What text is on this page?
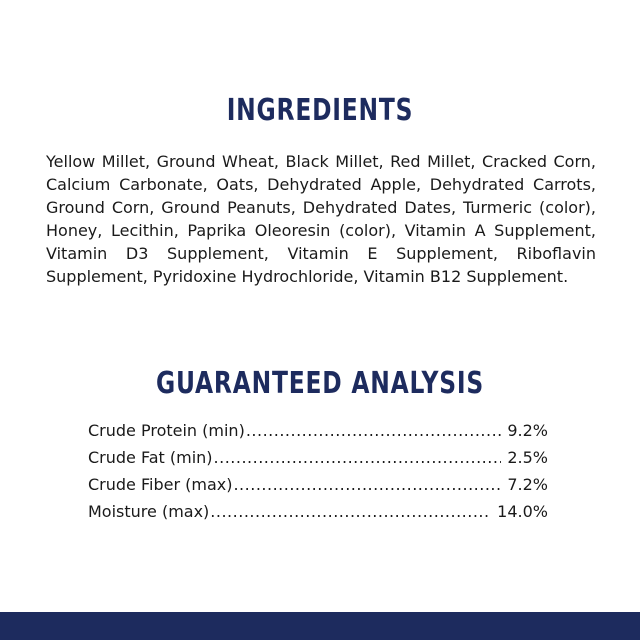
INGREDIENTS
Yellow Millet, Ground Wheat, Black Millet, Red Millet, Cracked Corn, Calcium Carbonate, Oats, Dehydrated Apple, Dehydrated Carrots, Ground Corn, Ground Peanuts, Dehydrated Dates, Turmeric (color), Honey, Lecithin, Paprika Oleoresin (color), Vitamin A Supplement, Vitamin D3 Supplement, Vitamin E Supplement, Riboflavin Supplement, Pyridoxine Hydrochloride, Vitamin B12 Supplement.
GUARANTEED ANALYSIS
Crude Protein (min) .....	9.2%
Crude Fat (min) .....	2.5%
Crude Fiber (max) .....	7.2%
Moisture (max) .....	14.0%
